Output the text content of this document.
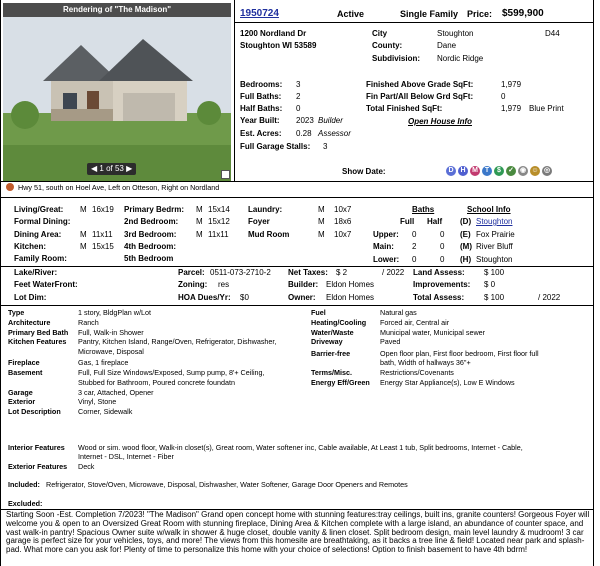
Rendering of "The Madison"
◀ 1 of 53 ▶
1950724	Active	Single Family Price: $599,900
1200 Nordland Dr
Stoughton WI 53589
City	Stoughton	D44
County:	Dane
Subdivision: Nordic Ridge
Bedrooms: 3
Full Baths: 2
Half Baths: 0
Year Built: 2023 Builder
Est. Acres: 0.28 Assessor
Full Garage Stalls: 3
Finished Above Grade SqFt:	1,979
Fin Part/All Below Grd SqFt:	0
Total Finished SqFt:	1,979 Blue Print
Open House Info
Show Date:	D H M T	$	✓ ◉ ☺ ◎
Hwy 51, south on Hoel Ave, Left on Otteson, Right on Nordland
Living/Great: M 16x19
Formal Dining:
Dining Area: M 11x11
Kitchen:	M 15x15
Family Room:
Primary Bedrm: M 15x14
2nd Bedroom: M 15x12
3rd Bedroom: M 11x11
4th Bedroom:
5th Bedroom
Laundry:	M 10x7
Foyer	M 18x6
Mud Room	M 10x7
Baths
Full Half
Upper: 0	0
Main: 2	0
Lower: 0	0
School Info
(D) Stoughton
(E) Fox Prairie
(M) River Bluff
(H) Stoughton
Lake/River:
Feet WaterFront:
Lot Dim:
Parcel: 0511-073-2710-2
Zoning: res
HOA Dues/Yr: $0
Net Taxes: $ 2	/ 2022
Builder: Eldon Homes
Owner: Eldon Homes
Land Assess: $ 100
Improvements: $ 0
Total Assess: $ 100	/ 2022
Type	1 story, BldgPlan w/Lot
Architecture	Ranch
Primary Bed Bath Full, Walk-in Shower
Kitchen Features Pantry, Kitchen Island, Range/Oven, Refrigerator, Dishwasher,
Microwave, Disposal
Fireplace	Gas, 1 fireplace
Basement	Full, Full Size Windows/Exposed, Sump pump, 8'+ Ceiling,
Stubbed for Bathroom, Poured concrete foundatn
Garage	3 car, Attached, Opener
Exterior	Vinyl, Stone
Lot Description Corner, Sidewalk
Fuel	Natural gas
Heating/Cooling Forced air, Central air
Water/Waste	Municipal water, Municipal sewer
Driveway	Paved
Barrier-free	Open floor plan, First floor bedroom, First floor full
bath, Width of hallways 36"+
Terms/Misc.	Restrictions/Covenants
Energy Eff/Green Energy Star Appliance(s), Low E Windows
Interior Features Wood or sim. wood floor, Walk-in closet(s), Great room, Water softener inc, Cable available, At Least 1 tub, Split bedrooms, Internet - Cable,
Internet - DSL, Internet - Fiber
Exterior Features Deck
Included: Refrigerator, Stove/Oven, Microwave, Disposal, Dishwasher, Water Softener, Garage Door Openers and Remotes
Excluded:
Starting Soon -Est. Completion 7/2023! "The Madison" Grand open concept home with stunning features:tray ceilings, built ins, granite counters! Gorgeous Foyer will welcome you & open to an Oversized Great Room with stunning fireplace, Dining Area & Kitchen complete with a large island, an abundance of counter space, and vast walk-in pantry! Spacious Owner suite w/walk in shower & huge closet, double vanity & linen closet. Split bedroom design, main level laundry & mudroom! 3 car garage is perfect size for your vehicles, toys, and more! The views from this homesite are breathtaking, as it backs a tree line & field! Located near park and splash-pad. What more can you ask for! Plenty of time to personalize this home with your choice of selections! Option to finish basement to have 4th bdrm!
